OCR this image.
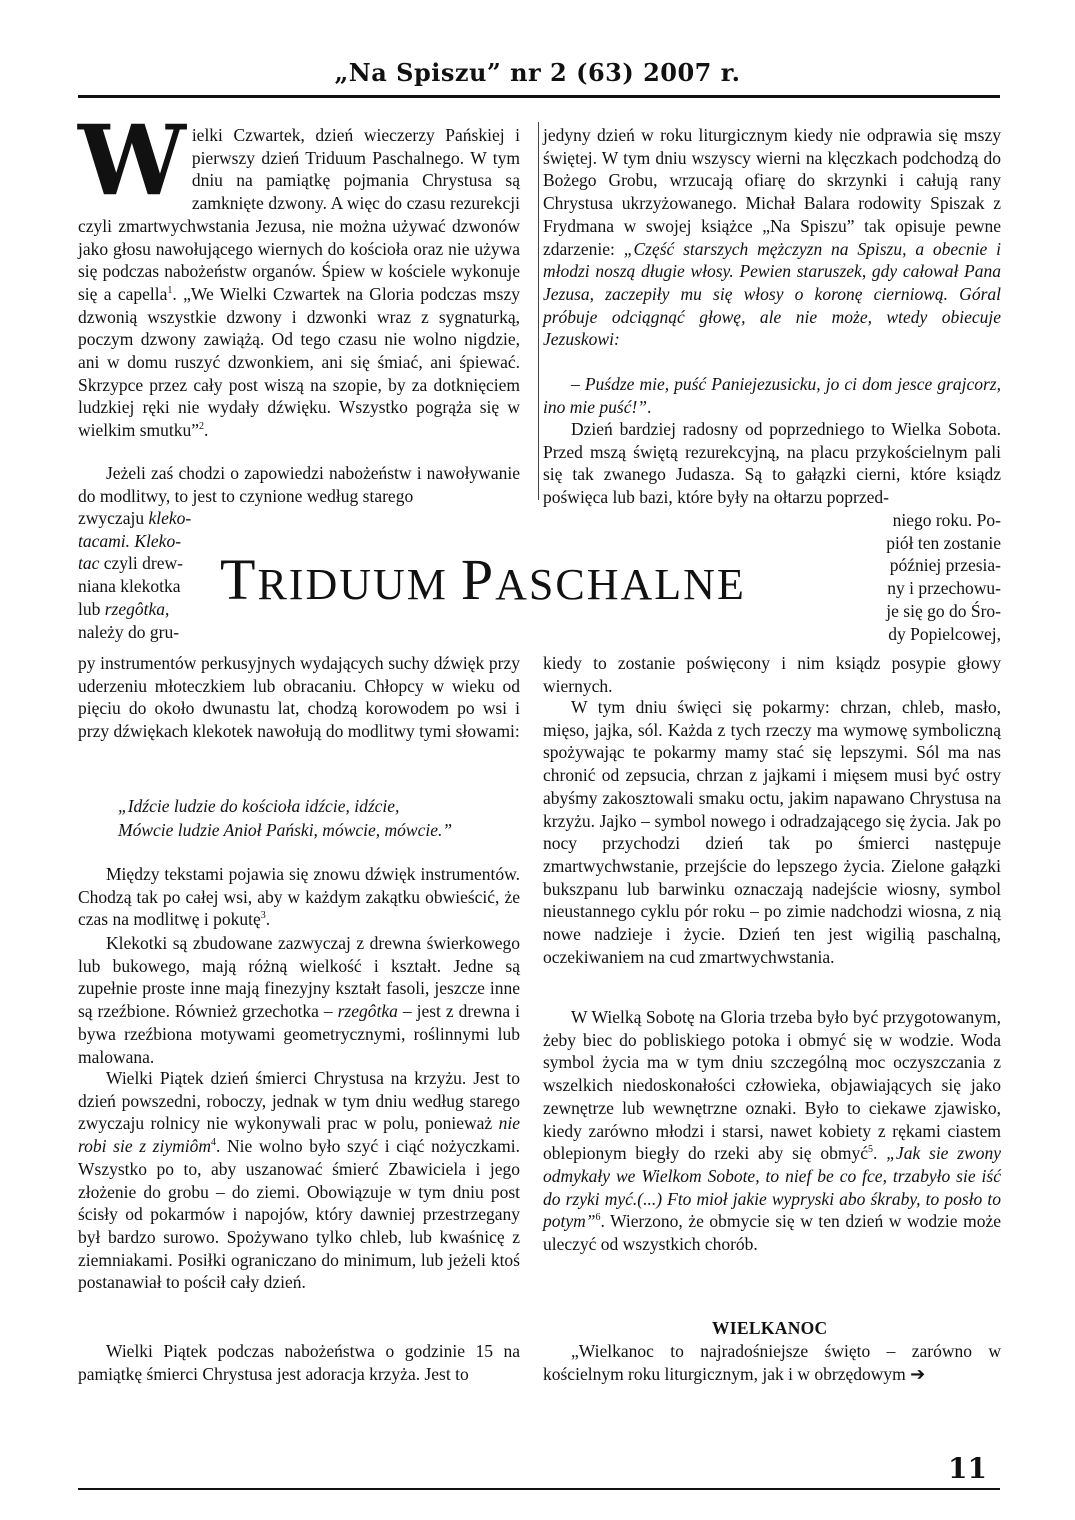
„Na Spiszu” nr 2 (63) 2007 r.

Wielki Czwartek, dzień wieczerzy Pańskiej i pierwszy dzień Triduum Paschalnego. W tym dniu na pamiątkę pojmania Chrystusa są zamknięte dzwony. A więc do czasu rezurekcji czyli zmartwychwstania Jezusa, nie można używać dzwonów jako głosu nawołującego wiernych do kościoła oraz nie używa się podczas nabożeństw organów. Śpiew w kościele wykonuje się a capella$^1$. „We Wielki Czwartek na Gloria podczas mszy dzwonią wszystkie dzwony i dzwonki wraz z sygnaturką, poczym dzwony zawiążą. Od tego czasu nie wolno nigdzie, ani w domu ruszyć dzwonkiem, ani się śmiać, ani śpiewać. Skrzypce przez cały post wiszą na szopie, by za dotknięciem ludzkiej ręki nie wydały dźwięku. Wszystko pogrąża się w wielkim smutku”$^2$.

Jeżeli zaś chodzi o zapowiedzi nabożeństw i nawoływanie do modlitwy, to jest to czynione według starego

zwyczaju kleko-
tacami. Kleko-
tac czyli drew-
niana klekotka
lub rzegôtka,
należy do gru-
TRIDUUM PASCHALNE

py instrumentów perkusyjnych wydających suchy dźwięk przy uderzeniu młoteczkiem lub obracaniu. Chłopcy w wieku od pięciu do około dwunastu lat, chodzą korowodem po wsi i przy dźwiękach klekotek nawołują do modlitwy tymi słowami:

„Idźcie ludzie do kościoła idźcie, idźcie,

Mówcie ludzie Anioł Pański, mówcie, mówcie.”

Między tekstami pojawia się znowu dźwięk instrumentów. Chodzą tak po całej wsi, aby w każdym zakątku obwieścić, że czas na modlitwę i pokutę$^3$.

Klekotki są zbudowane zazwyczaj z drewna świerkowego lub bukowego, mają różną wielkość i kształt. Jedne są zupełnie proste inne mają finezyjny kształt fasoli, jeszcze inne są rzeźbione. Również grzechotka – rzegôtka – jest z drewna i bywa rzeźbiona motywami geometrycznymi, roślinnymi lub malowana.

Wielki Piątek dzień śmierci Chrystusa na krzyżu. Jest to dzień powszedni, roboczy, jednak w tym dniu według starego zwyczaju rolnicy nie wykonywali prac w polu, ponieważ nie robi sie z ziymiôm$^4$. Nie wolno było szyć i ciąć nożyczkami. Wszystko po to, aby uszanować śmierć Zbawiciela i jego złożenie do grobu – do ziemi. Obowiązuje w tym dniu post ścisły od pokarmów i napojów, który dawniej przestrzegany był bardzo surowo. Spożywano tylko chleb, lub kwaśnicę z ziemniakami. Posiłki ograniczano do minimum, lub jeżeli ktoś postanawiał to pościł cały dzień.

Wielki Piątek podczas nabożeństwa o godzinie 15 na pamiątkę śmierci Chrystusa jest adoracja krzyża. Jest to

jedyny dzień w roku liturgicznym kiedy nie odprawia się mszy świętej. W tym dniu wszyscy wierni na klęczkach podchodzą do Bożego Grobu, wrzucają ofiarę do skrzynki i całują rany Chrystusa ukrzyżowanego. Michał Balara rodowity Spiszak z Frydmana w swojej książce „Na Spiszu” tak opisuje pewne zdarzenie: „Część starszych mężczyzn na Spiszu, a obecnie i młodzi noszą długie włosy. Pewien staruszek, gdy całował Pana Jezusa, zaczepiły mu się włosy o koronę cierniową. Góral próbuje odciągnąć głowę, ale nie może, wtedy obiecuje Jezuskowi:

– Puśdze mie, puść Paniejezusicku, jo ci dom jesce grajcorz, ino mie puść!”.

Dzień bardziej radosny od poprzedniego to Wielka Sobota. Przed mszą świętą rezurekcyjną, na placu przykościelnym pali się tak zwanego Judasza. Są to gałązki cierni, które ksiądz poświęca lub bazi, które były na ołtarzu poprzed-

niego roku. Po-
piół ten zostanie
później przesia-
ny i przechowu-
je się go do Śro-
dy Popielcowej,

kiedy to zostanie poświęcony i nim ksiądz posypie głowy wiernych.

W tym dniu święci się pokarmy: chrzan, chleb, masło, mięso, jajka, sól. Każda z tych rzeczy ma wymowę symboliczną spożywając te pokarmy mamy stać się lepszymi. Sól ma nas chronić od zepsucia, chrzan z jajkami i mięsem musi być ostry abyśmy zakosztowali smaku octu, jakim napawano Chrystusa na krzyżu. Jajko – symbol nowego i odradzającego się życia. Jak po nocy przychodzi dzień tak po śmierci następuje zmartwychwstanie, przejście do lepszego życia. Zielone gałązki bukszpanu lub barwinku oznaczają nadejście wiosny, symbol nieustannego cyklu pór roku – po zimie nadchodzi wiosna, z nią nowe nadzieje i życie. Dzień ten jest wigilią paschalną, oczekiwaniem na cud zmartwychwstania.

W Wielką Sobotę na Gloria trzeba było być przygotowanym, żeby biec do pobliskiego potoka i obmyć się w wodzie. Woda symbol życia ma w tym dniu szczególną moc oczyszczania z wszelkich niedoskonałości człowieka, objawiających się jako zewnętrze lub wewnętrzne oznaki. Było to ciekawe zjawisko, kiedy zarówno młodzi i starsi, nawet kobiety z rękami ciastem oblepionym biegły do rzeki aby się obmyć$^5$. „Jak sie zwony odmykały we Wielkom Sobote, to nief be co fce, trzabyło sie iść do rzyki myć.(...) Fto mioł jakie wypryski abo śkraby, to posło to potym”$^6$. Wierzono, że obmycie się w ten dzień w wodzie może uleczyć od wszystkich chorób.

WIELKANOC

„Wielkanoc to najradośniejsze święto – zarówno w kościelnym roku liturgicznym, jak i w obrzędowym ➔

11
